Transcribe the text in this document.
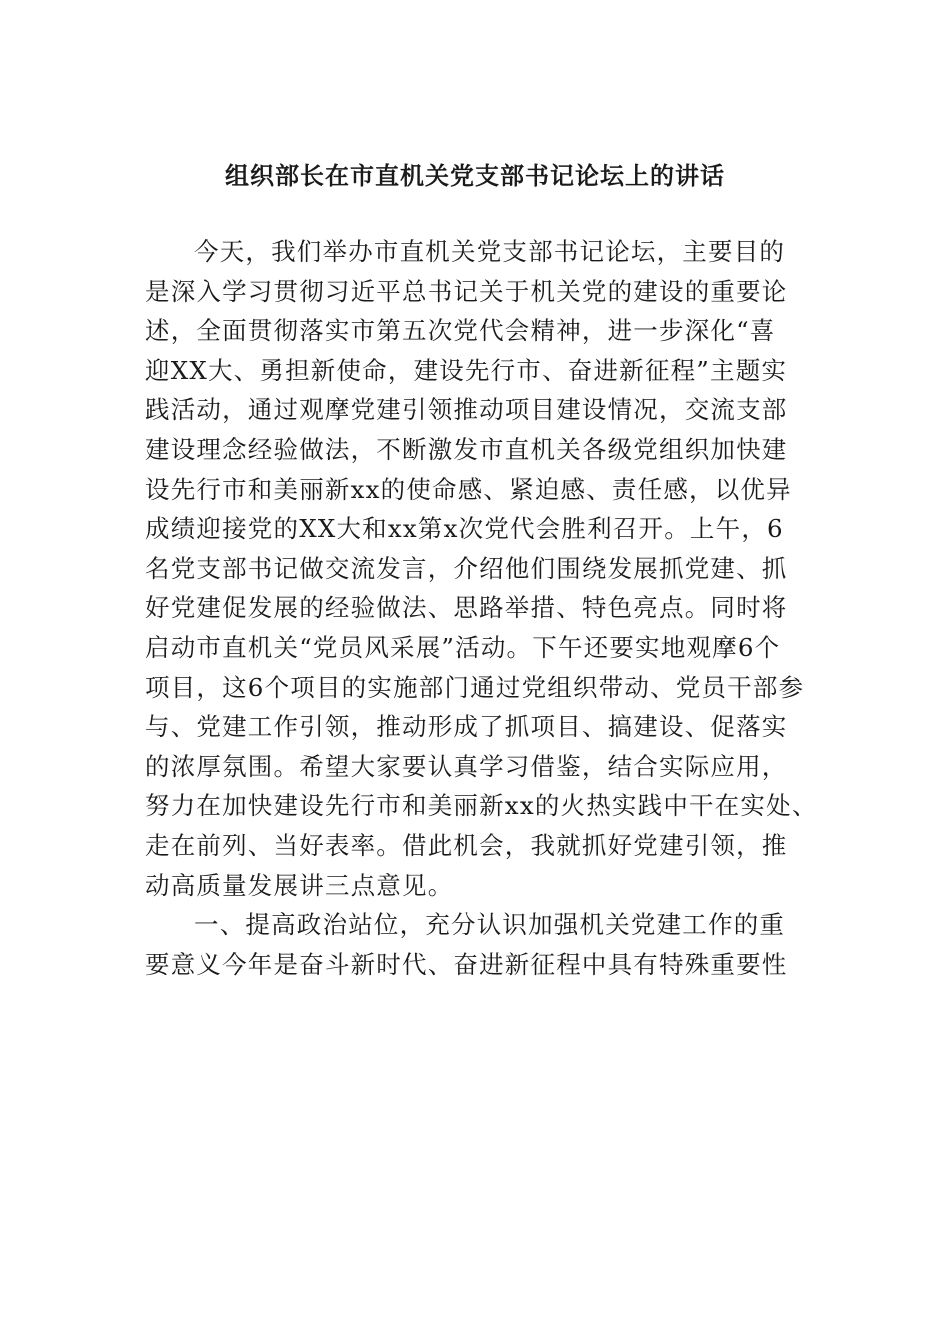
组织部长在市直机关党支部书记论坛上的讲话

今天，我们举办市直机关党支部书记论坛，主要目的

是深入学习贯彻习近平总书记关于机关党的建设的重要论

述，全面贯彻落实市第五次党代会精神，进一步深化“喜

迎XX大、勇担新使命，建设先行市、奋进新征程”主题实

践活动，通过观摩党建引领推动项目建设情况，交流支部

建设理念经验做法，不断激发市直机关各级党组织加快建

设先行市和美丽新xx的使命感、紧迫感、责任感，以优异

成绩迎接党的XX大和xx第x次党代会胜利召开。上午，6

名党支部书记做交流发言，介绍他们围绕发展抓党建、抓

好党建促发展的经验做法、思路举措、特色亮点。同时将

启动市直机关“党员风采展”活动。下午还要实地观摩6个

项目，这6个项目的实施部门通过党组织带动、党员干部参

与、党建工作引领，推动形成了抓项目、搞建设、促落实

的浓厚氛围。希望大家要认真学习借鉴，结合实际应用，

努力在加快建设先行市和美丽新xx的火热实践中干在实处、

走在前列、当好表率。借此机会，我就抓好党建引领，推

动高质量发展讲三点意见。

一、提高政治站位，充分认识加强机关党建工作的重

要意义今年是奋斗新时代、奋进新征程中具有特殊重要性
